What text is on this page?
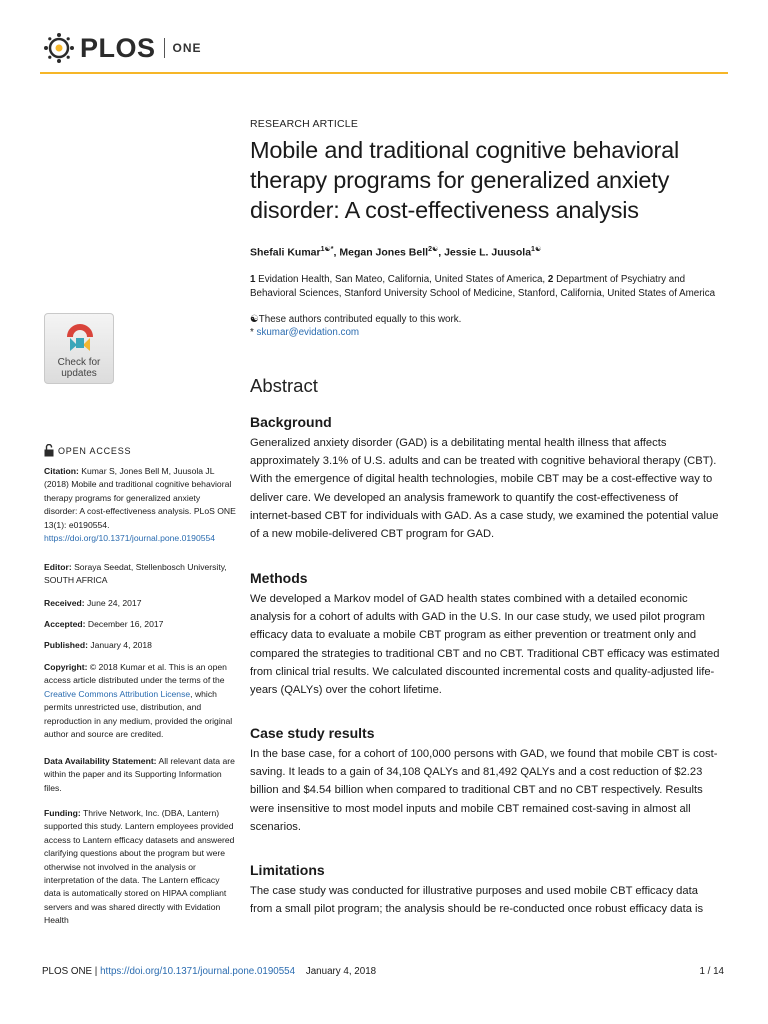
PLOS ONE
RESEARCH ARTICLE
Mobile and traditional cognitive behavioral therapy programs for generalized anxiety disorder: A cost-effectiveness analysis
Shefali Kumar$^{1☯*}$, Megan Jones Bell$^{2☯}$, Jessie L. Juusola$^{1☯}$
1 Evidation Health, San Mateo, California, United States of America, 2 Department of Psychiatry and Behavioral Sciences, Stanford University School of Medicine, Stanford, California, United States of America
☯These authors contributed equally to this work.
* skumar@evidation.com
Abstract
Background

Generalized anxiety disorder (GAD) is a debilitating mental health illness that affects approximately 3.1% of U.S. adults and can be treated with cognitive behavioral therapy (CBT). With the emergence of digital health technologies, mobile CBT may be a cost-effective way to deliver care. We developed an analysis framework to quantify the cost-effectiveness of internet-based CBT for individuals with GAD. As a case study, we examined the potential value of a new mobile-delivered CBT program for GAD.

Methods

We developed a Markov model of GAD health states combined with a detailed economic analysis for a cohort of adults with GAD in the U.S. In our case study, we used pilot program efficacy data to evaluate a mobile CBT program as either prevention or treatment only and compared the strategies to traditional CBT and no CBT. Traditional CBT efficacy was estimated from clinical trial results. We calculated discounted incremental costs and quality-adjusted life-years (QALYs) over the cohort lifetime.

Case study results

In the base case, for a cohort of 100,000 persons with GAD, we found that mobile CBT is cost-saving. It leads to a gain of 34,108 QALYs and 81,492 QALYs and a cost reduction of $2.23 billion and $4.54 billion when compared to traditional CBT and no CBT respectively. Results were insensitive to most model inputs and mobile CBT remained cost-saving in almost all scenarios.

Limitations

The case study was conducted for illustrative purposes and used mobile CBT efficacy data from a small pilot program; the analysis should be re-conducted once robust efficacy data is

Check for
updates
OPEN ACCESS
Citation: Kumar S, Jones Bell M, Juusola JL (2018) Mobile and traditional cognitive behavioral therapy programs for generalized anxiety disorder: A cost-effectiveness analysis. PLoS ONE 13(1): e0190554. https://doi.org/10.1371/journal.pone.0190554
Editor: Soraya Seedat, Stellenbosch University, SOUTH AFRICA
Received: June 24, 2017
Accepted: December 16, 2017
Published: January 4, 2018
Copyright: © 2018 Kumar et al. This is an open access article distributed under the terms of the Creative Commons Attribution License, which permits unrestricted use, distribution, and reproduction in any medium, provided the original author and source are credited.
Data Availability Statement: All relevant data are within the paper and its Supporting Information files.
Funding: Thrive Network, Inc. (DBA, Lantern) supported this study. Lantern employees provided access to Lantern efficacy datasets and answered clarifying questions about the program but were otherwise not involved in the analysis or interpretation of the data. The Lantern efficacy data is automatically stored on HIPAA compliant servers and was shared directly with Evidation Health
PLOS ONE | https://doi.org/10.1371/journal.pone.0190554 January 4, 2018	1 / 14
